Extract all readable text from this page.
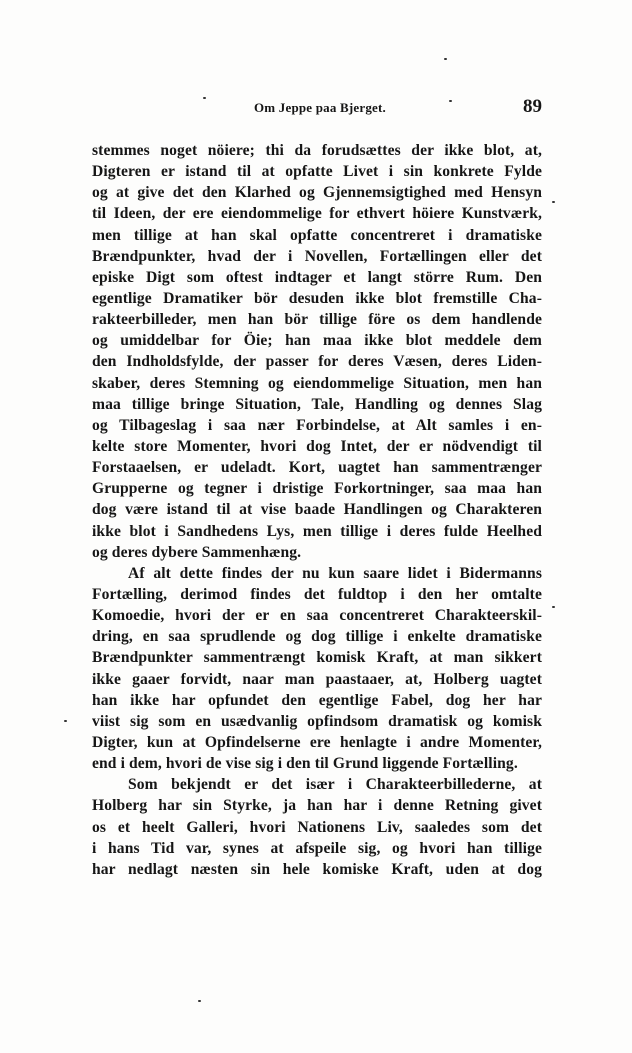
Om Jeppe paa Bjerget.	89
stemmes noget nöiere; thi da forudsættes der ikke blot, at,
Digteren er istand til at opfatte Livet i sin konkrete Fylde
og at give det den Klarhed og Gjennemsigtighed med Hensyn
til Ideen, der ere eiendommelige for ethvert höiere Kunstværk,
men tillige at han skal opfatte concentreret i dramatiske
Brændpunkter, hvad der i Novellen, Fortællingen eller det
episke Digt som oftest indtager et langt större Rum. Den
egentlige Dramatiker bör desuden ikke blot fremstille Cha-
rakteerbilleder, men han bör tillige före os dem handlende
og umiddelbar for Öie; han maa ikke blot meddele dem
den Indholdsfylde, der passer for deres Væsen, deres Liden-
skaber, deres Stemning og eiendommelige Situation, men han
maa tillige bringe Situation, Tale, Handling og dennes Slag
og Tilbageslag i saa nær Forbindelse, at Alt samles i en-
kelte store Momenter, hvori dog Intet, der er nödvendigt til
Forstaaelsen, er udeladt. Kort, uagtet han sammentrænger
Grupperne og tegner i dristige Forkortninger, saa maa han
dog være istand til at vise baade Handlingen og Charakteren
ikke blot i Sandhedens Lys, men tillige i deres fulde Heelhed
og deres dybere Sammenhæng.
Af alt dette findes der nu kun saare lidet i Bidermanns
Fortælling, derimod findes det fuldtop i den her omtalte
Komoedie, hvori der er en saa concentreret Charakteerskil-
dring, en saa sprudlende og dog tillige i enkelte dramatiske
Brændpunkter sammentrængt komisk Kraft, at man sikkert
ikke gaaer forvidt, naar man paastaaer, at, Holberg uagtet
han ikke har opfundet den egentlige Fabel, dog her har
viist sig som en usædvanlig opfindsom dramatisk og komisk
Digter, kun at Opfindelserne ere henlagte i andre Momenter,
end i dem, hvori de vise sig i den til Grund liggende Fortælling.
Som bekjendt er det især i Charakteerbillederne, at
Holberg har sin Styrke, ja han har i denne Retning givet
os et heelt Galleri, hvori Nationens Liv, saaledes som det
i hans Tid var, synes at afspeile sig, og hvori han tillige
har nedlagt næsten sin hele komiske Kraft, uden at dog
